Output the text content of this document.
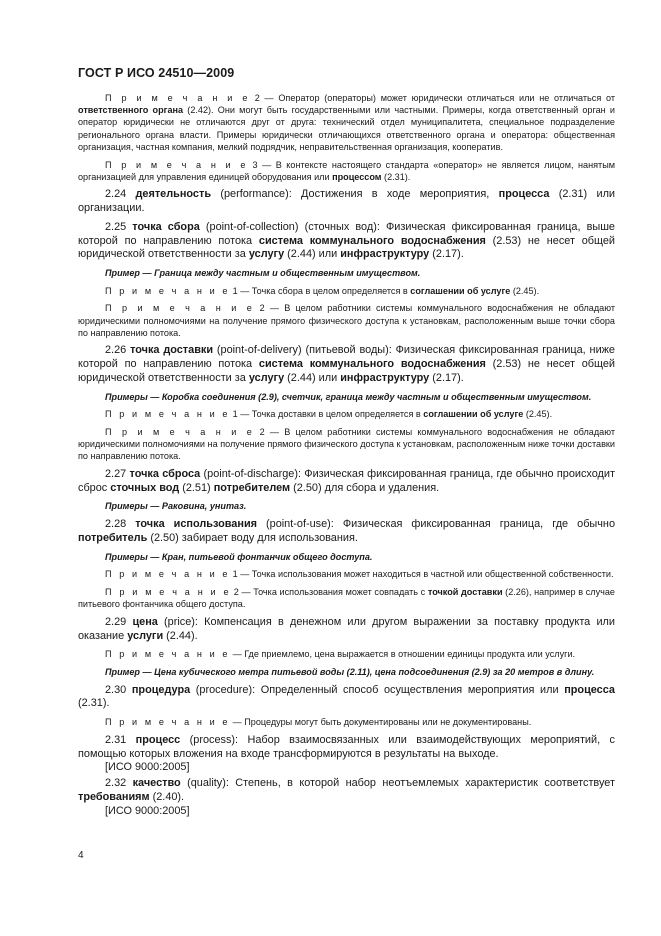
ГОСТ Р ИСО 24510—2009

П р и м е ч а н и е 2 — Оператор (операторы) может юридически отличаться или не отличаться от ответственного органа (2.42). Они могут быть государственными или частными. Примеры, когда ответственный орган и оператор юридически не отличаются друг от друга: технический отдел муниципалитета, специальное подразделение регионального органа власти. Примеры юридически отличающихся ответственного органа и оператора: общественная организация, частная компания, мелкий подрядчик, неправительственная организация, кооператив.

П р и м е ч а н и е 3 — В контексте настоящего стандарта «оператор» не является лицом, нанятым организацией для управления единицей оборудования или процессом (2.31).

2.24 деятельность (performance): Достижения в ходе мероприятия, процесса (2.31) или организации.

2.25 точка сбора (point-of-collection) (сточных вод): Физическая фиксированная граница, выше которой по направлению потока система коммунального водоснабжения (2.53) не несет общей юридической ответственности за услугу (2.44) или инфраструктуру (2.17).

Пример — Граница между частным и общественным имуществом.

П р и м е ч а н и е 1 — Точка сбора в целом определяется в соглашении об услуге (2.45).

П р и м е ч а н и е 2 — В целом работники системы коммунального водоснабжения не обладают юридическими полномочиями на получение прямого физического доступа к установкам, расположенным выше точки сбора по направлению потока.

2.26 точка доставки (point-of-delivery) (питьевой воды): Физическая фиксированная граница, ниже которой по направлению потока система коммунального водоснабжения (2.53) не несет общей юридической ответственности за услугу (2.44) или инфраструктуру (2.17).

Примеры — Коробка соединения (2.9), счетчик, граница между частным и общественным имуществом.

П р и м е ч а н и е 1 — Точка доставки в целом определяется в соглашении об услуге (2.45).

П р и м е ч а н и е 2 — В целом работники системы коммунального водоснабжения не обладают юридическими полномочиями на получение прямого физического доступа к установкам, расположенным ниже точки доставки по направлению потока.

2.27 точка сброса (point-of-discharge): Физическая фиксированная граница, где обычно происходит сброс сточных вод (2.51) потребителем (2.50) для сбора и удаления.

Примеры — Раковина, унитаз.

2.28 точка использования (point-of-use): Физическая фиксированная граница, где обычно потребитель (2.50) забирает воду для использования.

Примеры — Кран, питьевой фонтанчик общего доступа.

П р и м е ч а н и е 1 — Точка использования может находиться в частной или общественной собственности.

П р и м е ч а н и е 2 — Точка использования может совпадать с точкой доставки (2.26), например в случае питьевого фонтанчика общего доступа.

2.29 цена (price): Компенсация в денежном или другом выражении за поставку продукта или оказание услуги (2.44).

П р и м е ч а н и е — Где приемлемо, цена выражается в отношении единицы продукта или услуги.

Пример — Цена кубического метра питьевой воды (2.11), цена подсоединения (2.9) за 20 метров в длину.

2.30 процедура (procedure): Определенный способ осуществления мероприятия или процесса (2.31).

П р и м е ч а н и е — Процедуры могут быть документированы или не документированы.

2.31 процесс (process): Набор взаимосвязанных или взаимодействующих мероприятий, с помощью которых вложения на входе трансформируются в результаты на выходе.

[ИСО 9000:2005]

2.32 качество (quality): Степень, в которой набор неотъемлемых характеристик соответствует требованиям (2.40).

[ИСО 9000:2005]

4
